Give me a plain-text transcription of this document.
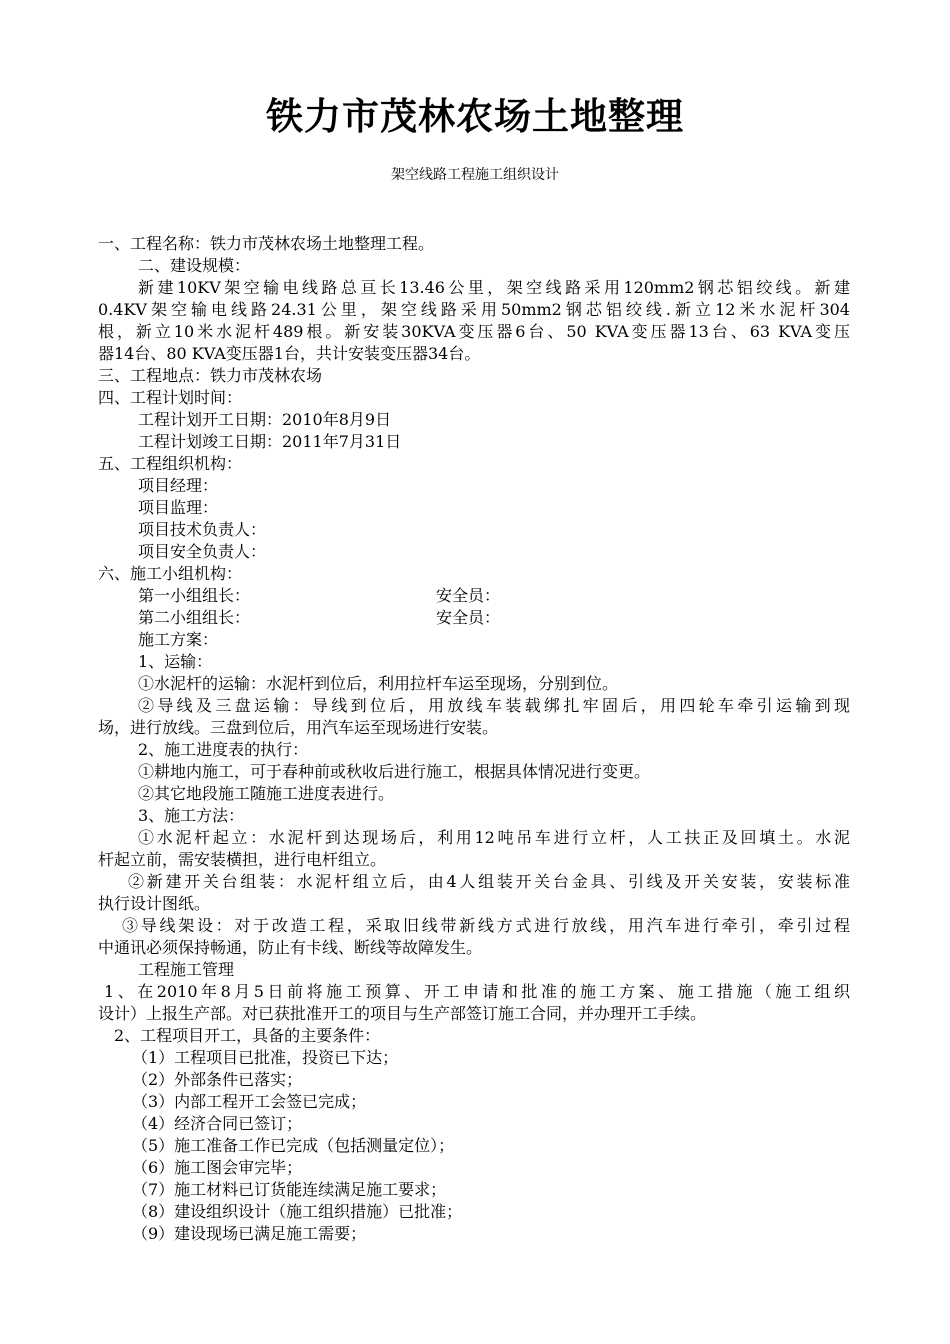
铁力市茂林农场土地整理
架空线路工程施工组织设计
一、工程名称：铁力市茂林农场土地整理工程。
二、建设规模：
新建10KV架空输电线路总亘长13.46公里，架空线路采用120mm2钢芯铝绞线。新建
0.4KV架空输电线路24.31公里，架空线路采用50mm2钢芯铝绞线.新立12米水泥杆304
根，新立10米水泥杆489根。新安装30KVA变压器6台、50 KVA变压器13台、63 KVA变压
器14台、80 KVA变压器1台，共计安装变压器34台。
三、工程地点：铁力市茂林农场
四、工程计划时间：
工程计划开工日期：2010年8月9日
工程计划竣工日期：2011年7月31日
五、工程组织机构：
项目经理：
项目监理：
项目技术负责人：
项目安全负责人：
六、施工小组机构：
第一小组组长：	安全员：
第二小组组长：	安全员：
施工方案：
1、运输：
①水泥杆的运输：水泥杆到位后，利用拉杆车运至现场，分别到位。
②导线及三盘运输：导线到位后，用放线车装载绑扎牢固后，用四轮车牵引运输到现
场，进行放线。三盘到位后，用汽车运至现场进行安装。
2、施工进度表的执行：
①耕地内施工，可于春种前或秋收后进行施工，根据具体情况进行变更。
②其它地段施工随施工进度表进行。
3、施工方法：
①水泥杆起立：水泥杆到达现场后，利用12吨吊车进行立杆，人工扶正及回填土。水泥
杆起立前，需安装横担，进行电杆组立。
②新建开关台组装：水泥杆组立后，由4人组装开关台金具、引线及开关安装，安装标准
执行设计图纸。
③导线架设：对于改造工程，采取旧线带新线方式进行放线，用汽车进行牵引，牵引过程
中通讯必须保持畅通，防止有卡线、断线等故障发生。
工程施工管理
1、在2010年8月5日前将施工预算、开工申请和批准的施工方案、施工措施（施工组织
设计）上报生产部。对已获批准开工的项目与生产部签订施工合同，并办理开工手续。
2、工程项目开工，具备的主要条件：
（1）工程项目已批准，投资已下达；
（2）外部条件已落实；
（3）内部工程开工会签已完成；
（4）经济合同已签订；
（5）施工准备工作已完成（包括测量定位）；
（6）施工图会审完毕；
（7）施工材料已订货能连续满足施工要求；
（8）建设组织设计（施工组织措施）已批准；
（9）建设现场已满足施工需要；
